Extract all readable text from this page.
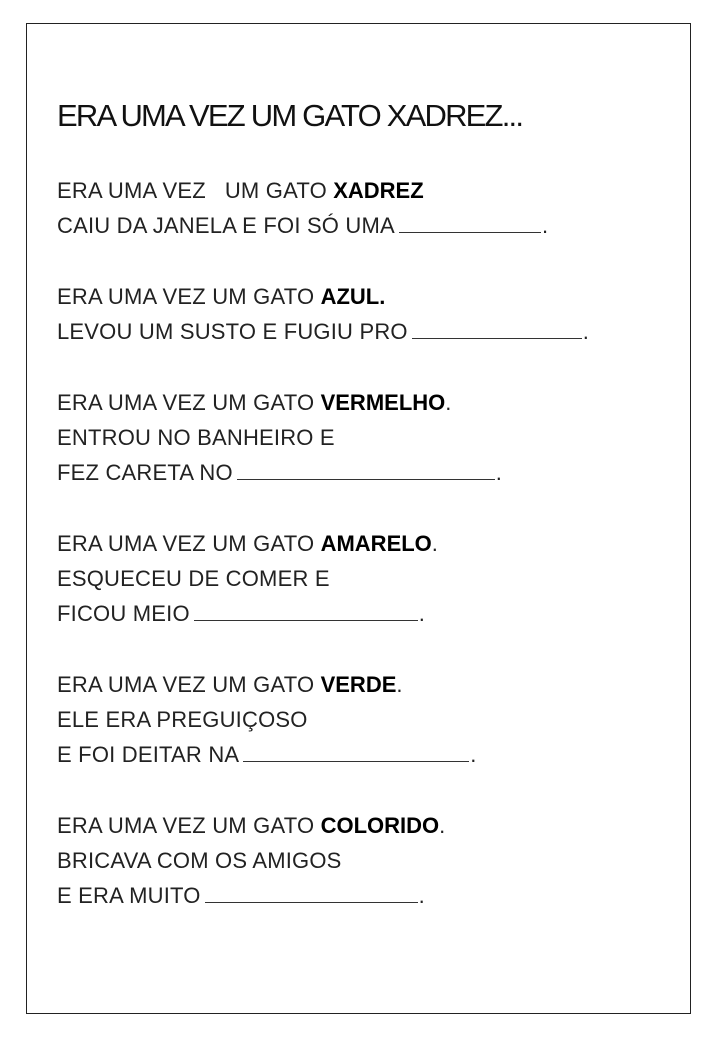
ERA UMA VEZ UM GATO XADREZ...
ERA UMA VEZ   UM GATO XADREZ
CAIU DA JANELA E FOI SÓ UMA	.
ERA UMA VEZ UM GATO AZUL.
LEVOU UM SUSTO E FUGIU PRO	.
ERA UMA VEZ UM GATO VERMELHO.
ENTROU NO BANHEIRO E
FEZ CARETA NO	.
ERA UMA VEZ UM GATO AMARELO.
ESQUECEU DE COMER E
FICOU MEIO	.
ERA UMA VEZ UM GATO VERDE.
ELE ERA PREGUIÇOSO
E FOI DEITAR NA	.
ERA UMA VEZ UM GATO COLORIDO.
BRICAVA COM OS AMIGOS
E ERA MUITO	.
